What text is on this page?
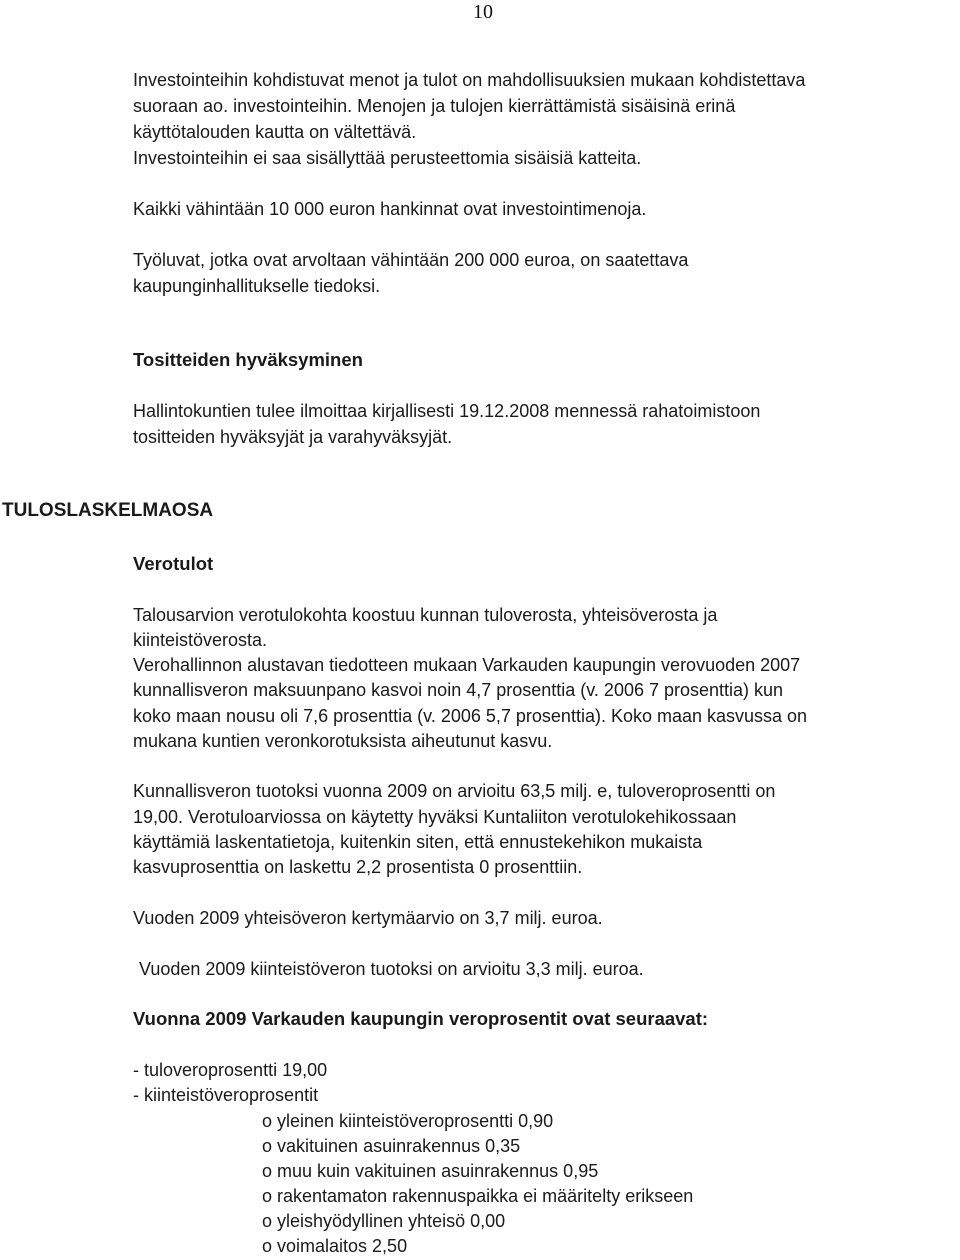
10
Investointeihin kohdistuvat menot ja tulot on mahdollisuuksien mukaan kohdistettava
suoraan ao. investointeihin. Menojen ja tulojen kierrättämistä sisäisinä erinä
käyttötalouden kautta on vältettävä.
Investointeihin ei saa sisällyttää perusteettomia sisäisiä katteita.
Kaikki vähintään 10 000 euron hankinnat ovat investointimenoja.
Työluvat, jotka ovat arvoltaan vähintään 200 000 euroa, on saatettava
kaupunginhallitukselle tiedoksi.
Tositteiden hyväksyminen
Hallintokuntien tulee ilmoittaa kirjallisesti 19.12.2008 mennessä rahatoimistoon
tositteiden hyväksyjät ja varahyväksyjät.
TULOSLASKELMAOSA
Verotulot
Talousarvion verotulokohta koostuu kunnan tuloverosta, yhteisöverosta ja
kiinteistöverosta.
Verohallinnon alustavan tiedotteen mukaan Varkauden kaupungin verovuoden 2007
kunnallisveron maksuunpano kasvoi noin 4,7 prosenttia (v. 2006 7 prosenttia) kun
koko maan nousu oli 7,6 prosenttia (v. 2006 5,7 prosenttia). Koko maan kasvussa on
mukana kuntien veronkorotuksista aiheutunut kasvu.
Kunnallisveron tuotoksi vuonna 2009 on arvioitu 63,5 milj. e, tuloveroprosentti on
19,00. Verotuloarviossa on käytetty hyväksi Kuntaliiton verotulokehikossaan
käyttämiä laskentatietoja, kuitenkin siten, että ennustekehikon mukaista
kasvuprosenttia on laskettu 2,2 prosentista 0 prosenttiin.
Vuoden 2009 yhteisöveron kertymäarvio on 3,7 milj. euroa.
Vuoden 2009 kiinteistöveron tuotoksi on arvioitu 3,3 milj. euroa.
Vuonna 2009 Varkauden kaupungin veroprosentit ovat seuraavat:
- tuloveroprosentti 19,00
- kiinteistöveroprosentit
o yleinen kiinteistöveroprosentti 0,90
o vakituinen asuinrakennus 0,35
o muu kuin vakituinen asuinrakennus 0,95
o rakentamaton rakennuspaikka ei määritelty erikseen
o yleishyödyllinen yhteisö 0,00
o voimalaitos 2,50
